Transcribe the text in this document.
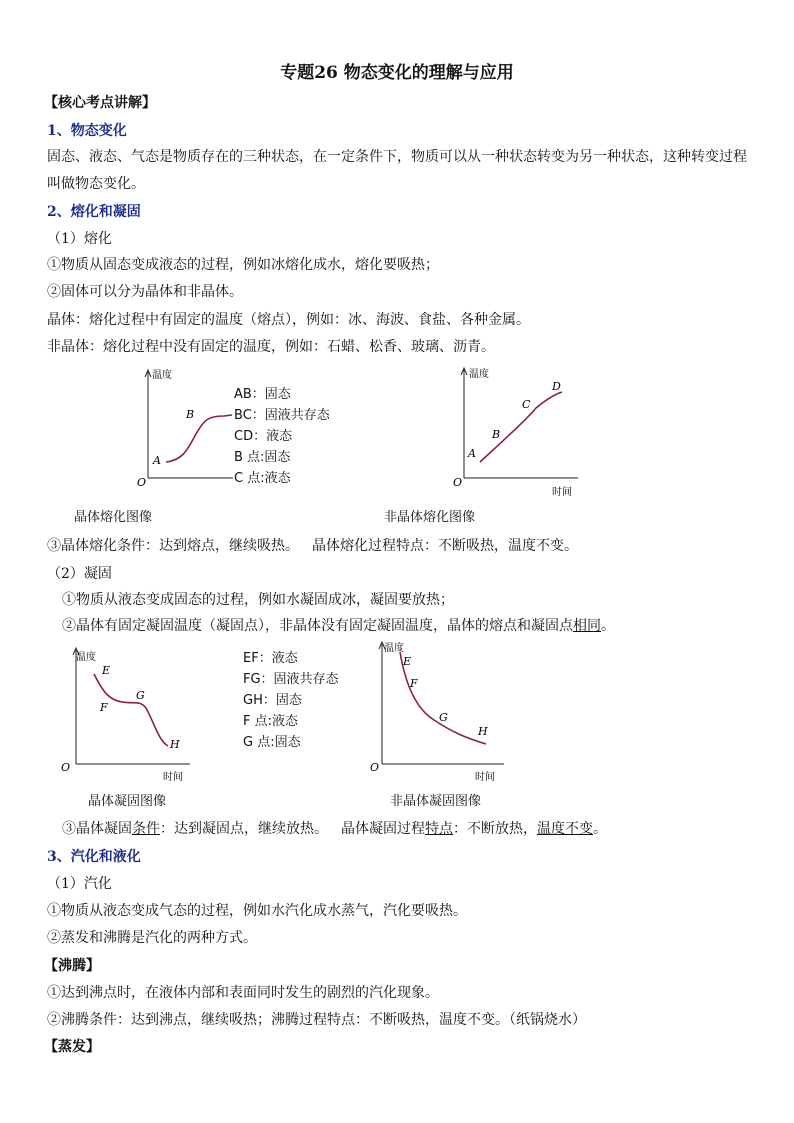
专题26 物态变化的理解与应用
【核心考点讲解】
1、物态变化
固态、液态、气态是物质存在的三种状态，在一定条件下，物质可以从一种状态转变为另一种状态，这种转变过程
叫做物态变化。
2、熔化和凝固
（1）熔化
①物质从固态变成液态的过程，例如冰熔化成水，熔化要吸热；
②固体可以分为晶体和非晶体。
晶体：熔化过程中有固定的温度（熔点），例如：冰、海波、食盐、各种金属。
非晶体：熔化过程中没有固定的温度，例如：石蜡、松香、玻璃、沥青。
O
温度
A
B
AB：固态
BC：固液共存态
CD：液态
B 点:固态
C 点:液态
晶体熔化图像
O
温度
时间
A
B
C
D
非晶体熔化图像
③晶体熔化条件：达到熔点，继续吸热。 晶体熔化过程特点：不断吸热，温度不变。
（2）凝固
①物质从液态变成固态的过程，例如水凝固成冰，凝固要放热；
②晶体有固定凝固温度（凝固点），非晶体没有固定凝固温度，晶体的熔点和凝固点相同。
O
温度
时间
E
F
G
H
EF：液态
FG：固液共存态
GH：固态
F 点:液态
G 点:固态
晶体凝固图像
O
温度
时间
E
F
G
H
非晶体凝固图像
③晶体凝固条件：达到凝固点，继续放热。 晶体凝固过程特点：不断放热，温度不变。
3、汽化和液化
（1）汽化
①物质从液态变成气态的过程，例如水汽化成水蒸气，汽化要吸热。
②蒸发和沸腾是汽化的两种方式。
【沸腾】
①达到沸点时，在液体内部和表面同时发生的剧烈的汽化现象。
②沸腾条件：达到沸点，继续吸热；沸腾过程特点：不断吸热，温度不变。（纸锅烧水）
【蒸发】
